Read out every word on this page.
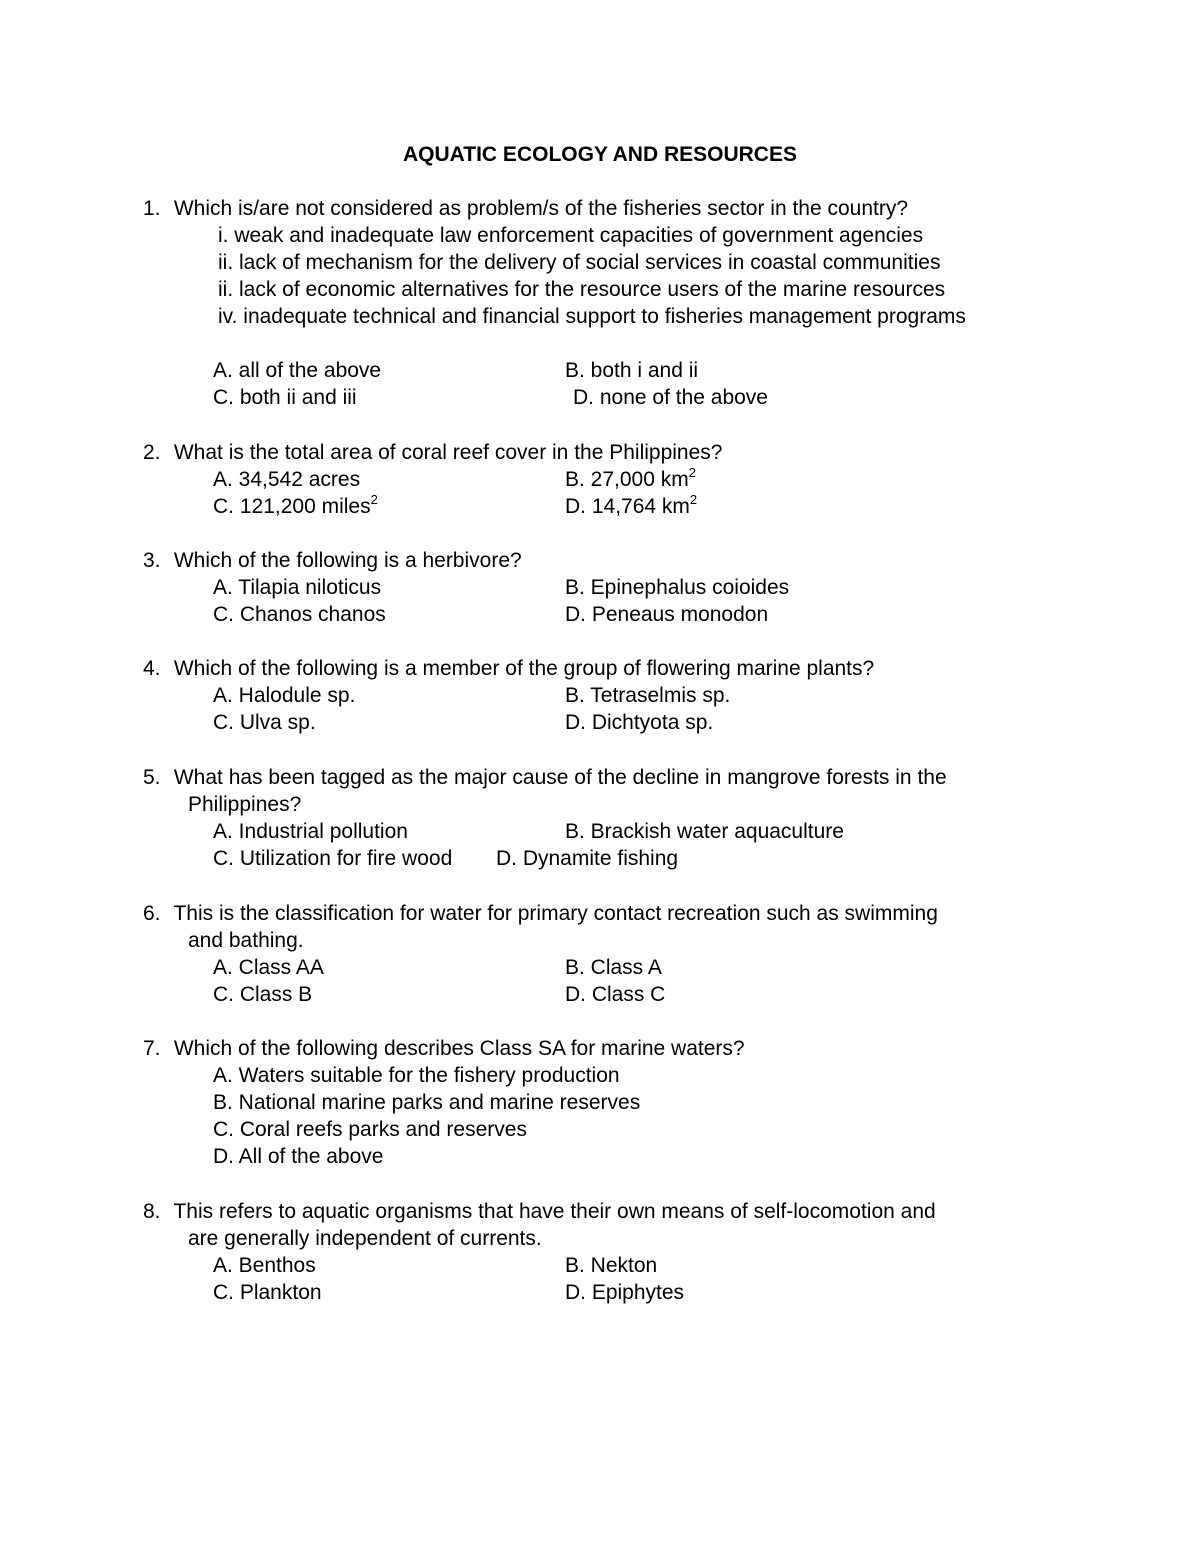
AQUATIC ECOLOGY AND RESOURCES
1. Which is/are not considered as problem/s of the fisheries sector in the country?
i. weak and inadequate law enforcement capacities of government agencies
ii. lack of mechanism for the delivery of social services in coastal communities
ii. lack of economic alternatives for the resource users of the marine resources
iv. inadequate technical and financial support to fisheries management programs
A. all of the above	B. both i and ii
C. both ii and iii	D. none of the above
2. What is the total area of coral reef cover in the Philippines?
A. 34,542 acres	B. 27,000 $km^2$
C. 121,200 miles$^2$	D. 14,764 $km^2$
3. Which of the following is a herbivore?
A. Tilapia niloticus	B. Epinephalus coioides
C. Chanos chanos	D. Peneaus monodon
4. Which of the following is a member of the group of flowering marine plants?
A. Halodule sp.	B. Tetraselmis sp.
C. Ulva sp.	D. Dichtyota sp.
5. What has been tagged as the major cause of the decline in mangrove forests in the
Philippines?
A. Industrial pollution	B. Brackish water aquaculture
C. Utilization for fire wood D. Dynamite fishing
6. This is the classification for water for primary contact recreation such as swimming
and bathing.
A. Class AA	B. Class A
C. Class B	D. Class C
7. Which of the following describes Class SA for marine waters?
A. Waters suitable for the fishery production
B. National marine parks and marine reserves
C. Coral reefs parks and reserves
D. All of the above
8. This refers to aquatic organisms that have their own means of self-locomotion and
are generally independent of currents.
A. Benthos	B. Nekton
C. Plankton	D. Epiphytes
